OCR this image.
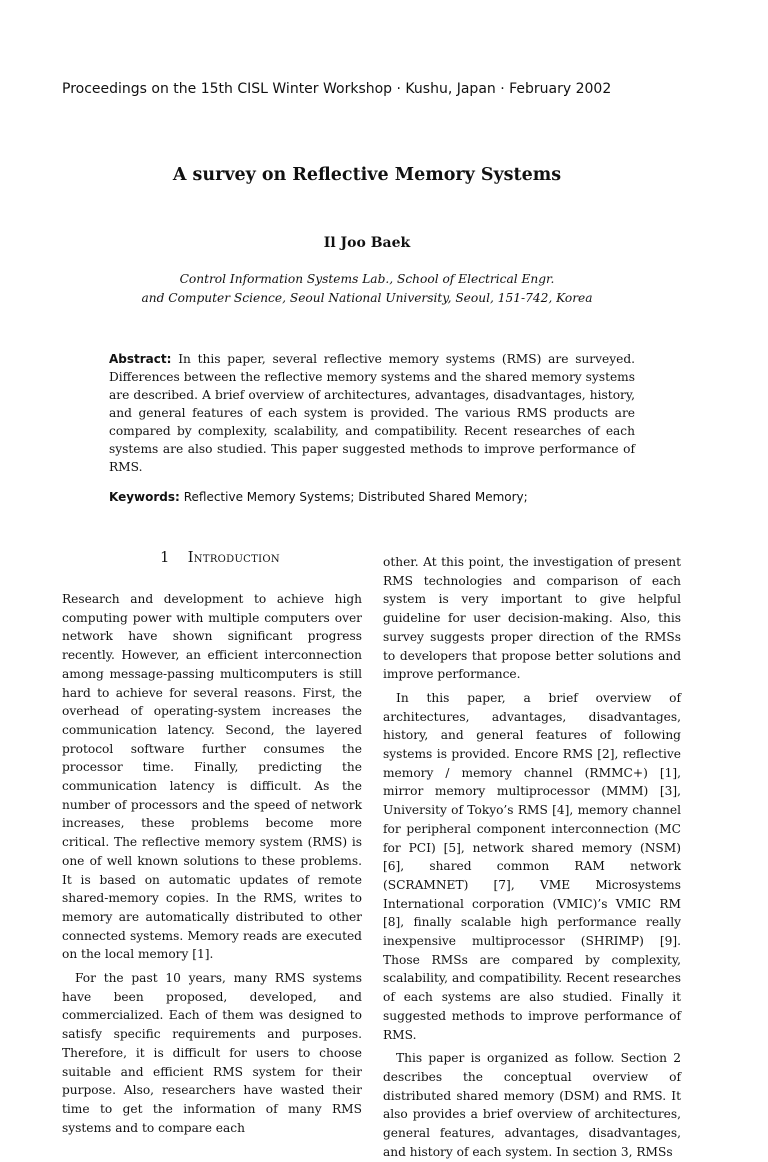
Proceedings on the 15th CISL Winter Workshop · Kushu, Japan · February 2002
A survey on Reflective Memory Systems
Il Joo Baek
Control Information Systems Lab., School of Electrical Engr.
and Computer Science, Seoul National University, Seoul, 151-742, Korea
Abstract: In this paper, several reflective memory systems (RMS) are surveyed. Differences between the reflective memory systems and the shared memory systems are described. A brief overview of architectures, advantages, disadvantages, history, and general features of each system is provided. The various RMS products are compared by complexity, scalability, and compatibility. Recent researches of each systems are also studied. This paper suggested methods to improve performance of RMS.
Keywords: Reflective Memory Systems; Distributed Shared Memory;
1 Introduction

Research and development to achieve high computing power with multiple computers over network have shown significant progress recently. However, an efficient interconnection among message-passing multicomputers is still hard to achieve for several reasons. First, the overhead of operating-system increases the communication latency. Second, the layered protocol software further consumes the processor time. Finally, predicting the communication latency is difficult. As the number of processors and the speed of network increases, these problems become more critical. The reflective memory system (RMS) is one of well known solutions to these problems. It is based on automatic updates of remote shared-memory copies. In the RMS, writes to memory are automatically distributed to other connected systems. Memory reads are executed on the local memory [1].

For the past 10 years, many RMS systems have been proposed, developed, and commercialized. Each of them was designed to satisfy specific requirements and purposes. Therefore, it is difficult for users to choose suitable and efficient RMS system for their purpose. Also, researchers have wasted their time to get the information of many RMS systems and to compare each

other. At this point, the investigation of present RMS technologies and comparison of each system is very important to give helpful guideline for user decision-making. Also, this survey suggests proper direction of the RMSs to developers that propose better solutions and improve performance.

In this paper, a brief overview of architectures, advantages, disadvantages, history, and general features of following systems is provided. Encore RMS [2], reflective memory / memory channel (RMMC+) [1], mirror memory multiprocessor (MMM) [3], University of Tokyo’s RMS [4], memory channel for peripheral component interconnection (MC for PCI) [5], network shared memory (NSM) [6], shared common RAM network (SCRAMNET) [7], VME Microsystems International corporation (VMIC)’s VMIC RM [8], finally scalable high performance really inexpensive multiprocessor (SHRIMP) [9]. Those RMSs are compared by complexity, scalability, and compatibility. Recent researches of each systems are also studied. Finally it suggested methods to improve performance of RMS.

This paper is organized as follow. Section 2 describes the conceptual overview of distributed shared memory (DSM) and RMS. It also provides a brief overview of architectures, general features, advantages, disadvantages, and history of each system. In section 3, RMSs
